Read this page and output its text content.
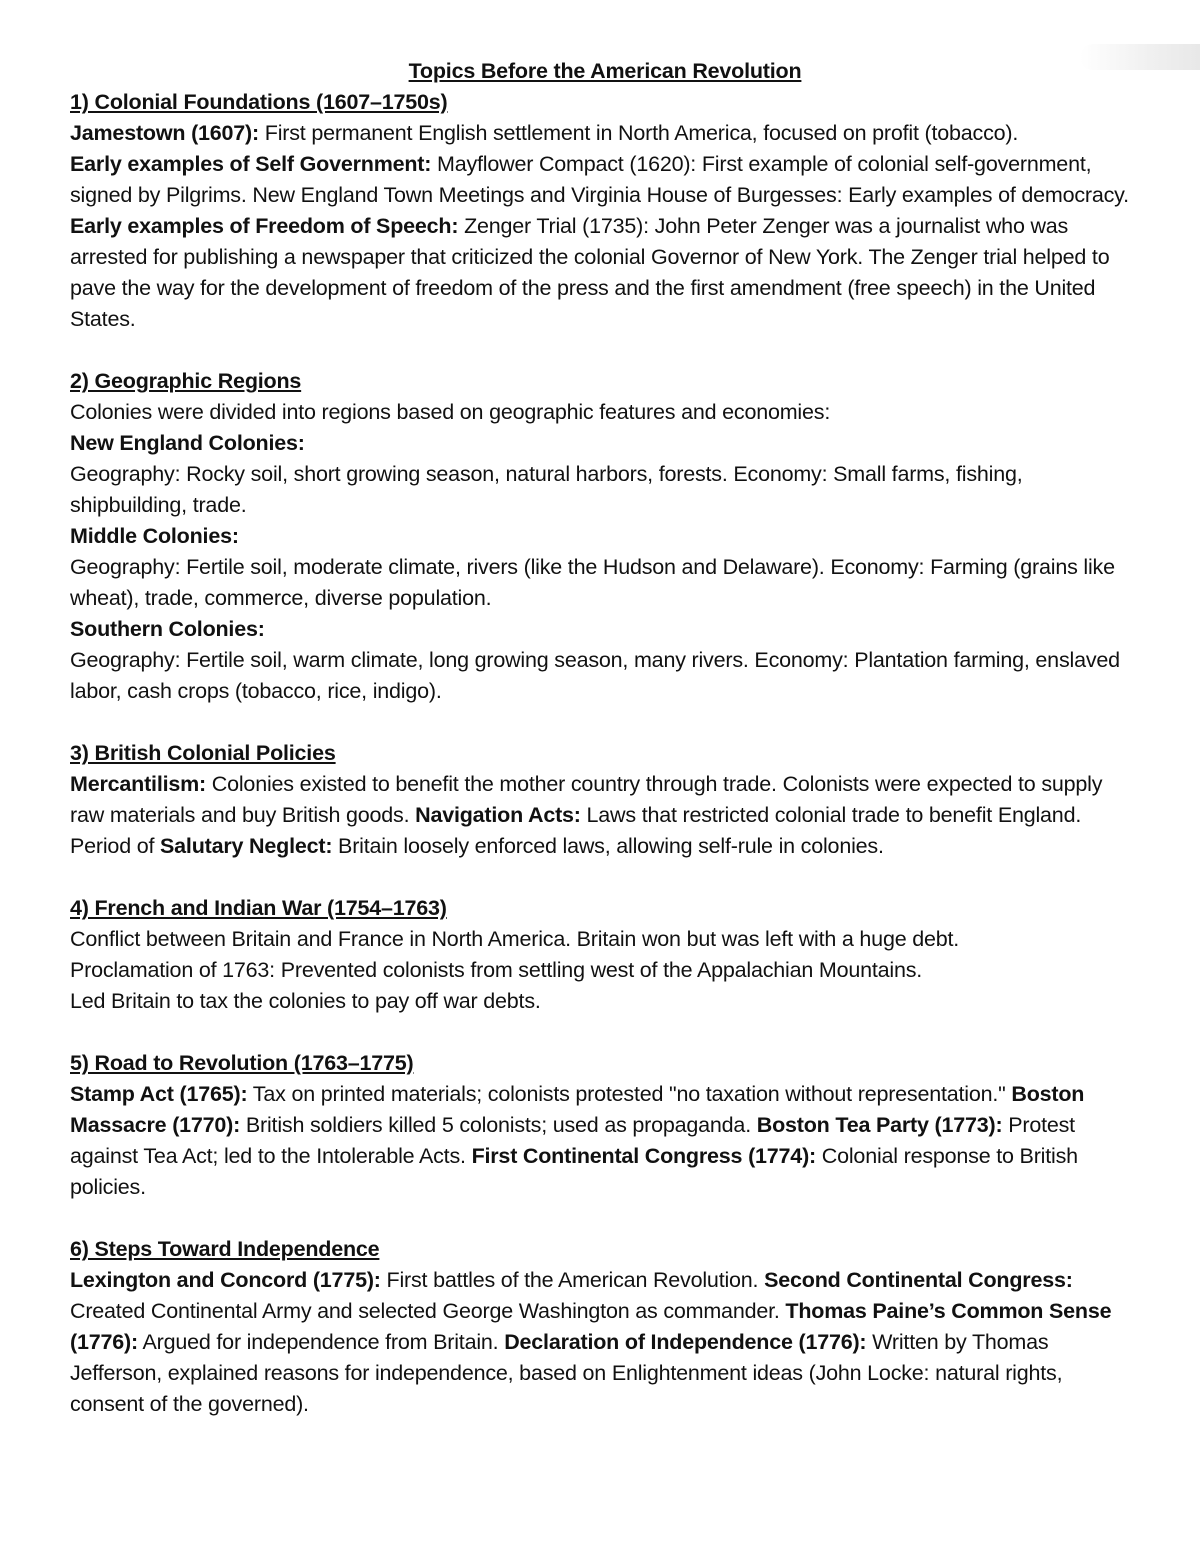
Topics Before the American Revolution
1) Colonial Foundations (1607–1750s)

Jamestown (1607): First permanent English settlement in North America, focused on profit (tobacco).

Early examples of Self Government: Mayflower Compact (1620): First example of colonial self-government, signed by Pilgrims. New England Town Meetings and Virginia House of Burgesses: Early examples of democracy.

Early examples of Freedom of Speech: Zenger Trial (1735): John Peter Zenger was a journalist who was arrested for publishing a newspaper that criticized the colonial Governor of New York. The Zenger trial helped to pave the way for the development of freedom of the press and the first amendment (free speech) in the United States.

2) Geographic Regions

Colonies were divided into regions based on geographic features and economies:

New England Colonies:

Geography: Rocky soil, short growing season, natural harbors, forests. Economy: Small farms, fishing, shipbuilding, trade.

Middle Colonies:

Geography: Fertile soil, moderate climate, rivers (like the Hudson and Delaware). Economy: Farming (grains like wheat), trade, commerce, diverse population.

Southern Colonies:

Geography: Fertile soil, warm climate, long growing season, many rivers. Economy: Plantation farming, enslaved labor, cash crops (tobacco, rice, indigo).

3) British Colonial Policies

Mercantilism: Colonies existed to benefit the mother country through trade. Colonists were expected to supply raw materials and buy British goods. Navigation Acts: Laws that restricted colonial trade to benefit England. Period of Salutary Neglect: Britain loosely enforced laws, allowing self-rule in colonies.

4) French and Indian War (1754–1763)

Conflict between Britain and France in North America. Britain won but was left with a huge debt.

Proclamation of 1763: Prevented colonists from settling west of the Appalachian Mountains.

Led Britain to tax the colonies to pay off war debts.

5) Road to Revolution (1763–1775)

Stamp Act (1765): Tax on printed materials; colonists protested "no taxation without representation." Boston Massacre (1770): British soldiers killed 5 colonists; used as propaganda. Boston Tea Party (1773): Protest against Tea Act; led to the Intolerable Acts. First Continental Congress (1774): Colonial response to British policies.

6) Steps Toward Independence

Lexington and Concord (1775): First battles of the American Revolution. Second Continental Congress: Created Continental Army and selected George Washington as commander. Thomas Paine’s Common Sense (1776): Argued for independence from Britain. Declaration of Independence (1776): Written by Thomas Jefferson, explained reasons for independence, based on Enlightenment ideas (John Locke: natural rights, consent of the governed).
